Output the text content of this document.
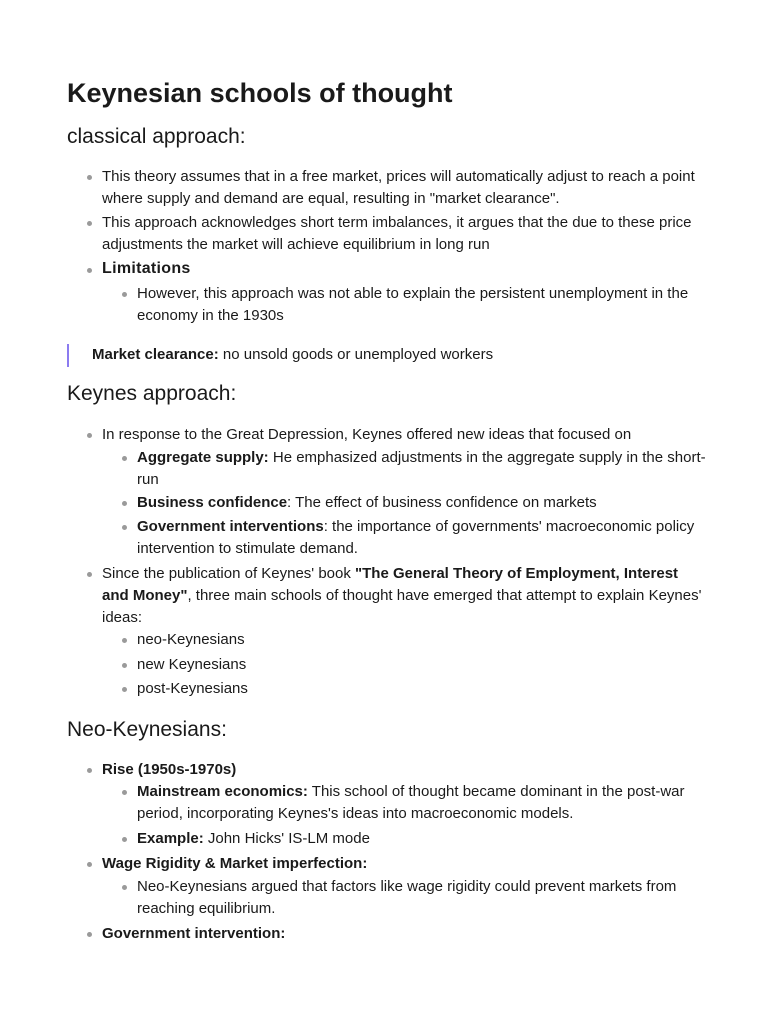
Keynesian schools of thought
classical approach:
This theory assumes that in a free market, prices will automatically adjust to reach a point where supply and demand are equal, resulting in "market clearance".
This approach acknowledges short term imbalances, it argues that the due to these price adjustments the market will achieve equilibrium in long run
Limitations
However, this approach was not able to explain the persistent unemployment in the economy in the 1930s
Market clearance: no unsold goods or unemployed workers
Keynes approach:
In response to the Great Depression, Keynes offered new ideas that focused on
Aggregate supply: He emphasized adjustments in the aggregate supply in the short-run
Business confidence: The effect of business confidence on markets
Government interventions: the importance of governments' macroeconomic policy intervention to stimulate demand.
Since the publication of Keynes' book "The General Theory of Employment, Interest and Money", three main schools of thought have emerged that attempt to explain Keynes' ideas:
neo-Keynesians
new Keynesians
post-Keynesians
Neo-Keynesians:
Rise (1950s-1970s)
Mainstream economics: This school of thought became dominant in the post-war period, incorporating Keynes's ideas into macroeconomic models.
Example: John Hicks' IS-LM mode
Wage Rigidity & Market imperfection:
Neo-Keynesians argued that factors like wage rigidity could prevent markets from reaching equilibrium.
Government intervention:
